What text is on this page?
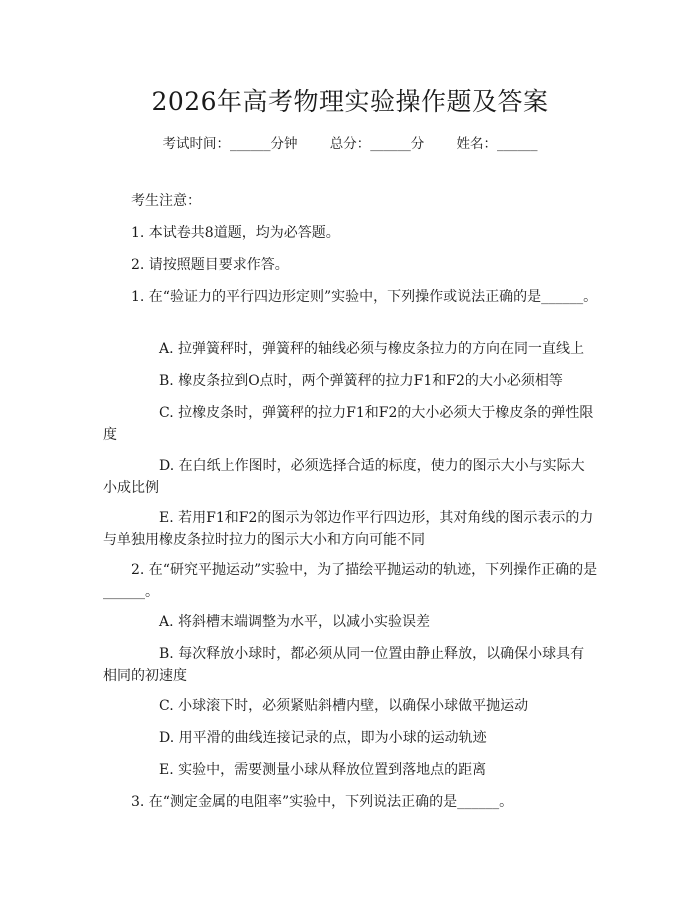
2026年高考物理实验操作题及答案
考试时间：______分钟 总分：______分 姓名：______
考生注意：
1. 本试卷共8道题，均为必答题。
2. 请按照题目要求作答。
1. 在“验证力的平行四边形定则”实验中，下列操作或说法正确的是______。
A. 拉弹簧秤时，弹簧秤的轴线必须与橡皮条拉力的方向在同一直线上
B. 橡皮条拉到O点时，两个弹簧秤的拉力F1和F2的大小必须相等
C. 拉橡皮条时，弹簧秤的拉力F1和F2的大小必须大于橡皮条的弹性限度
D. 在白纸上作图时，必须选择合适的标度，使力的图示大小与实际大小成比例
E. 若用F1和F2的图示为邻边作平行四边形，其对角线的图示表示的力与单独用橡皮条拉时拉力的图示大小和方向可能不同
2. 在“研究平抛运动”实验中，为了描绘平抛运动的轨迹，下列操作正确的是______。
A. 将斜槽末端调整为水平，以减小实验误差
B. 每次释放小球时，都必须从同一位置由静止释放，以确保小球具有相同的初速度
C. 小球滚下时，必须紧贴斜槽内壁，以确保小球做平抛运动
D. 用平滑的曲线连接记录的点，即为小球的运动轨迹
E. 实验中，需要测量小球从释放位置到落地点的距离
3. 在“测定金属的电阻率”实验中，下列说法正确的是______。
